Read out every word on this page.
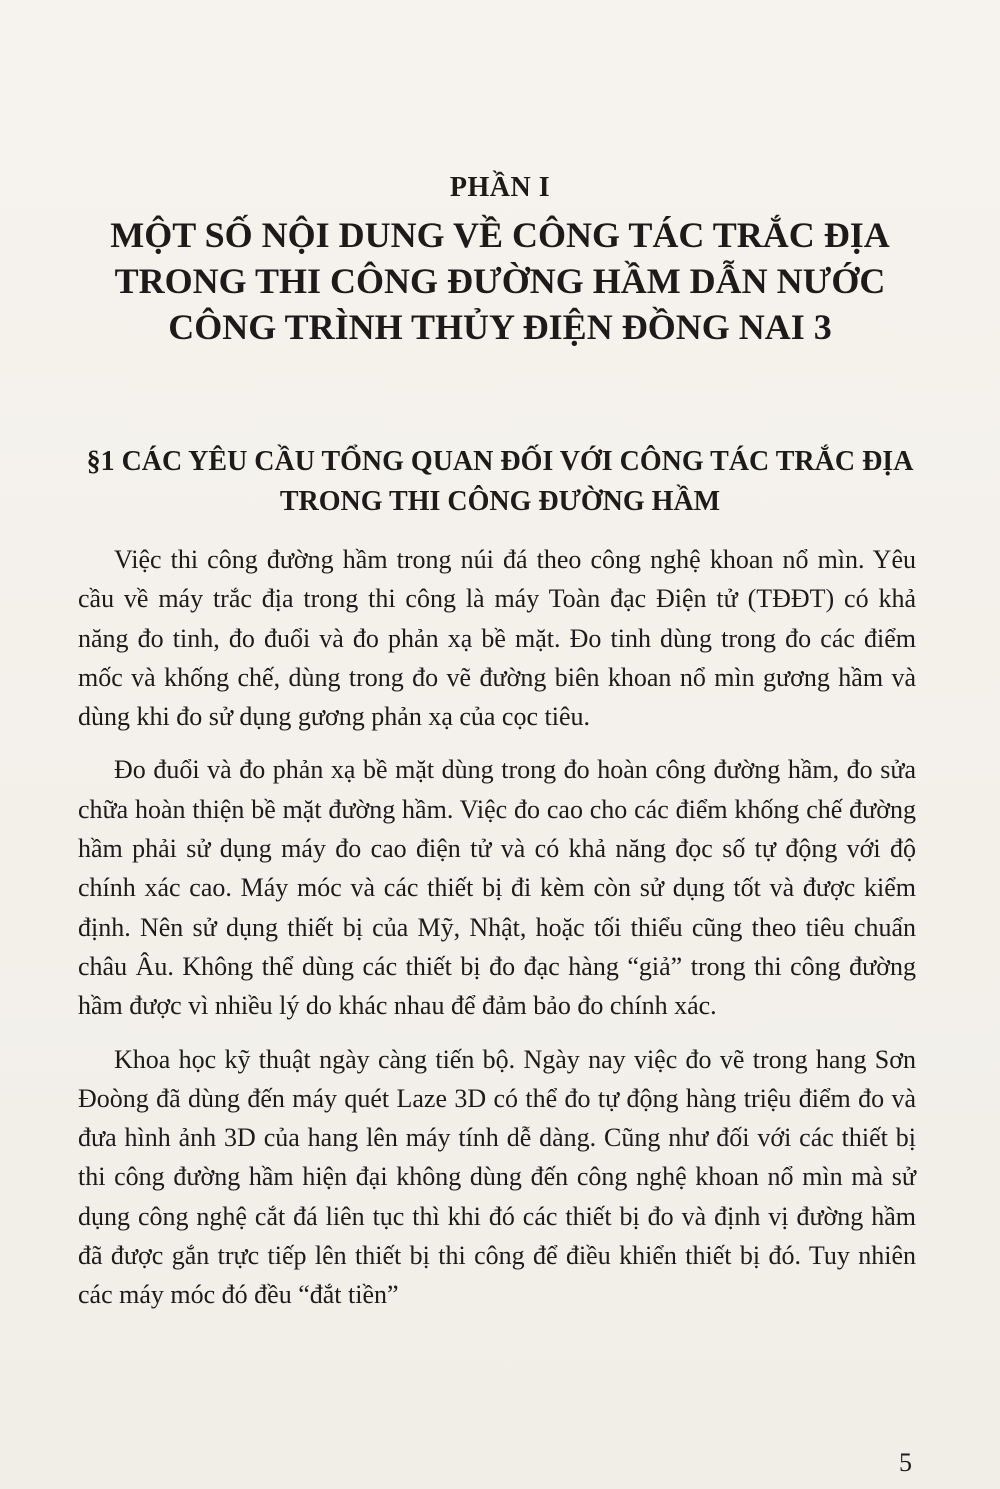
PHẦN I
MỘT SỐ NỘI DUNG VỀ CÔNG TÁC TRẮC ĐỊA
TRONG THI CÔNG ĐƯỜNG HẦM DẪN NƯỚC
CÔNG TRÌNH THỦY ĐIỆN ĐỒNG NAI 3
§1 CÁC YÊU CẦU TỔNG QUAN ĐỐI VỚI CÔNG TÁC TRẮC ĐỊA
TRONG THI CÔNG ĐƯỜNG HẦM

Việc thi công đường hầm trong núi đá theo công nghệ khoan nổ mìn. Yêu cầu về máy trắc địa trong thi công là máy Toàn đạc Điện tử (TĐĐT) có khả năng đo tinh, đo đuổi và đo phản xạ bề mặt. Đo tinh dùng trong đo các điểm mốc và khống chế, dùng trong đo vẽ đường biên khoan nổ mìn gương hầm và dùng khi đo sử dụng gương phản xạ của cọc tiêu.

Đo đuổi và đo phản xạ bề mặt dùng trong đo hoàn công đường hầm, đo sửa chữa hoàn thiện bề mặt đường hầm. Việc đo cao cho các điểm khống chế đường hầm phải sử dụng máy đo cao điện tử và có khả năng đọc số tự động với độ chính xác cao. Máy móc và các thiết bị đi kèm còn sử dụng tốt và được kiểm định. Nên sử dụng thiết bị của Mỹ, Nhật, hoặc tối thiểu cũng theo tiêu chuẩn châu Âu. Không thể dùng các thiết bị đo đạc hàng “giả” trong thi công đường hầm được vì nhiều lý do khác nhau để đảm bảo đo chính xác.

Khoa học kỹ thuật ngày càng tiến bộ. Ngày nay việc đo vẽ trong hang Sơn Đoòng đã dùng đến máy quét Laze 3D có thể đo tự động hàng triệu điểm đo và đưa hình ảnh 3D của hang lên máy tính dễ dàng. Cũng như đối với các thiết bị thi công đường hầm hiện đại không dùng đến công nghệ khoan nổ mìn mà sử dụng công nghệ cắt đá liên tục thì khi đó các thiết bị đo và định vị đường hầm đã được gắn trực tiếp lên thiết bị thi công để điều khiển thiết bị đó. Tuy nhiên các máy móc đó đều “đắt tiền”

5
